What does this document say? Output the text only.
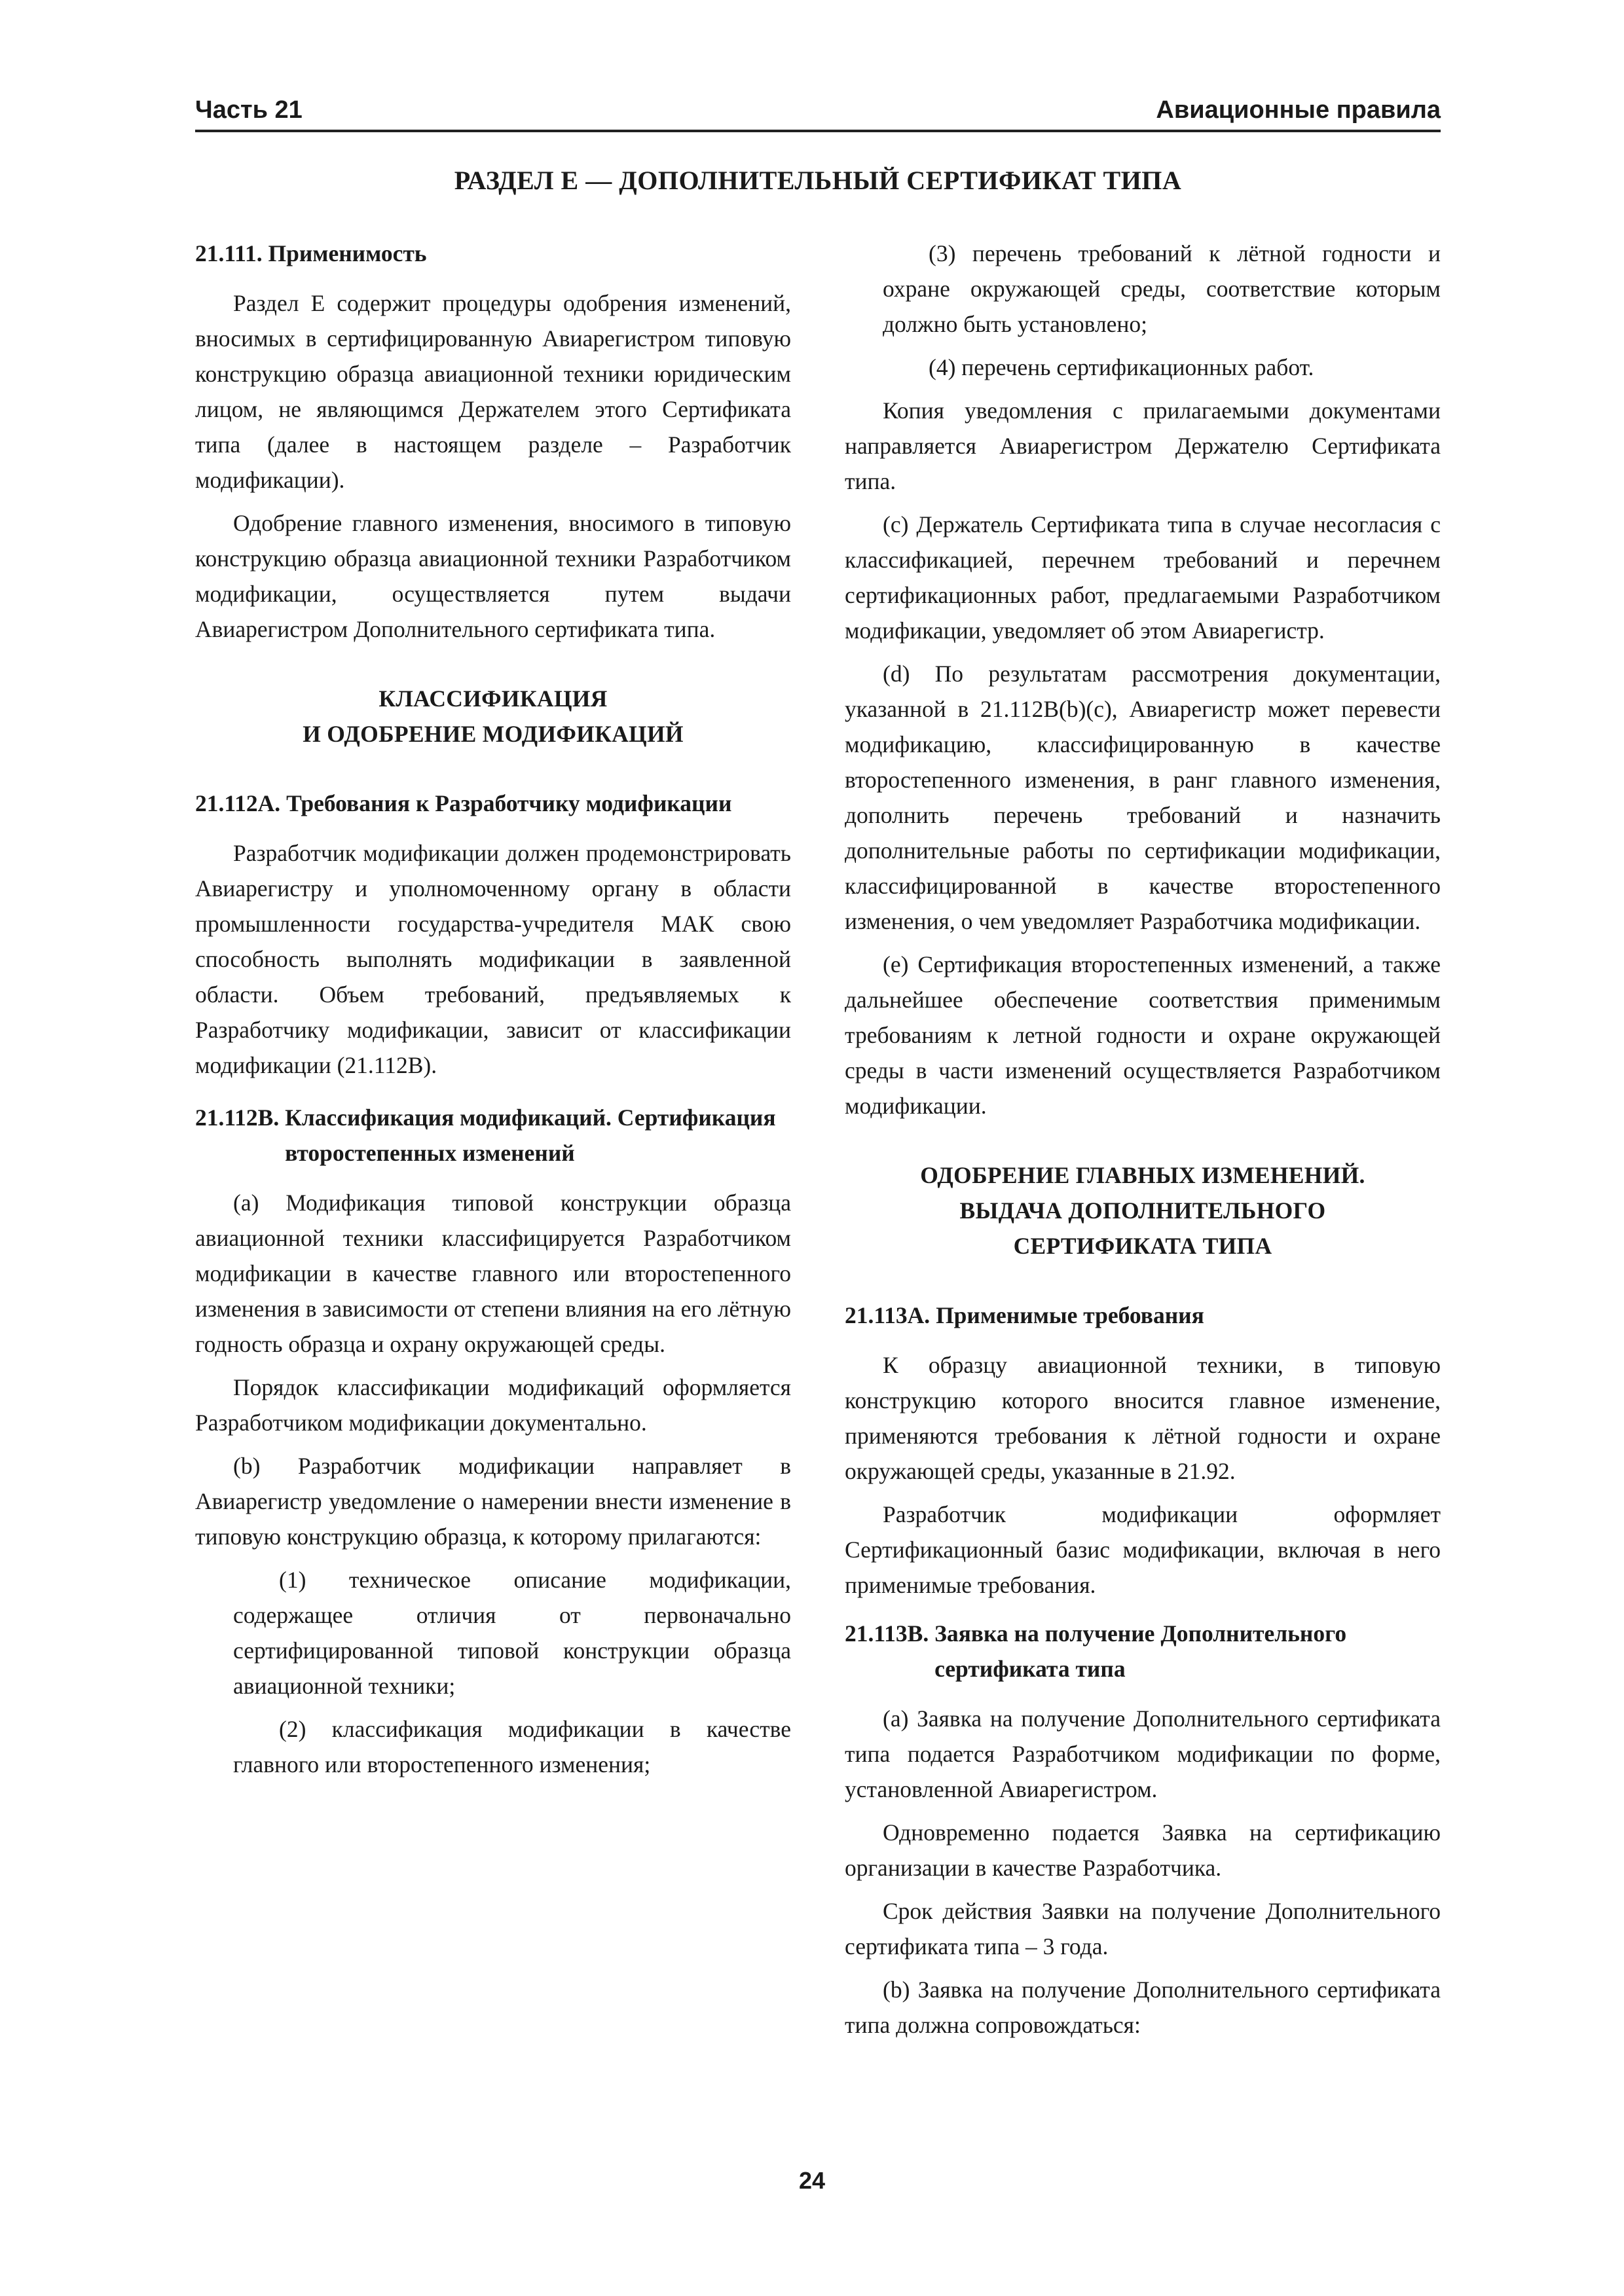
Часть 21	Авиационные правила
РАЗДЕЛ Е — ДОПОЛНИТЕЛЬНЫЙ СЕРТИФИКАТ ТИПА
21.111. Применимость

Раздел Е содержит процедуры одобрения изменений, вносимых в сертифицированную Авиарегистром типовую конструкцию образца авиационной техники юридическим лицом, не являющимся Держателем этого Сертификата типа (далее в настоящем разделе – Разработчик модификации).

Одобрение главного изменения, вносимого в типовую конструкцию образца авиационной техники Разработчиком модификации, осуществляется путем выдачи Авиарегистром Дополнительного сертификата типа.

КЛАССИФИКАЦИЯ
И ОДОБРЕНИЕ МОДИФИКАЦИЙ
21.112А. Требования к Разработчику модификации

Разработчик модификации должен продемонстрировать Авиарегистру и уполномоченному органу в области промышленности государства-учредителя МАК свою способность выполнять модификации в заявленной области. Объем требований, предъявляемых к Разработчику модификации, зависит от классификации модификации (21.112В).

21.112В. Классификация модификаций. Сертификация второстепенных изменений

(a) Модификация типовой конструкции образца авиационной техники классифицируется Разработчиком модификации в качестве главного или второстепенного изменения в зависимости от степени влияния на его лётную годность образца и охрану окружающей среды.

Порядок классификации модификаций оформляется Разработчиком модификации документально.

(b) Разработчик модификации направляет в Авиарегистр уведомление о намерении внести изменение в типовую конструкцию образца, к которому прилагаются:

(1) техническое описание модификации, содержащее отличия от первоначально сертифицированной типовой конструкции образца авиационной техники;

(2) классификация модификации в качестве главного или второстепенного изменения;

(3) перечень требований к лётной годности и охране окружающей среды, соответствие которым должно быть установлено;

(4) перечень сертификационных работ.

Копия уведомления с прилагаемыми документами направляется Авиарегистром Держателю Сертификата типа.

(c) Держатель Сертификата типа в случае несогласия с классификацией, перечнем требований и перечнем сертификационных работ, предлагаемыми Разработчиком модификации, уведомляет об этом Авиарегистр.

(d) По результатам рассмотрения документации, указанной в 21.112В(b)(c), Авиарегистр может перевести модификацию, классифицированную в качестве второстепенного изменения, в ранг главного изменения, дополнить перечень требований и назначить дополнительные работы по сертификации модификации, классифицированной в качестве второстепенного изменения, о чем уведомляет Разработчика модификации.

(e) Сертификация второстепенных изменений, а также дальнейшее обеспечение соответствия применимым требованиям к летной годности и охране окружающей среды в части изменений осуществляется Разработчиком модификации.

ОДОБРЕНИЕ ГЛАВНЫХ ИЗМЕНЕНИЙ.
ВЫДАЧА ДОПОЛНИТЕЛЬНОГО
СЕРТИФИКАТА ТИПА
21.113А. Применимые требования

К образцу авиационной техники, в типовую конструкцию которого вносится главное изменение, применяются требования к лётной годности и охране окружающей среды, указанные в 21.92.

Разработчик модификации оформляет Сертификационный базис модификации, включая в него применимые требования.

21.113В. Заявка на получение Дополнительного сертификата типа

(a) Заявка на получение Дополнительного сертификата типа подается Разработчиком модификации по форме, установленной Авиарегистром.

Одновременно подается Заявка на сертификацию организации в качестве Разработчика.

Срок действия Заявки на получение Дополнительного сертификата типа – 3 года.

(b) Заявка на получение Дополнительного сертификата типа должна сопровождаться:

24
